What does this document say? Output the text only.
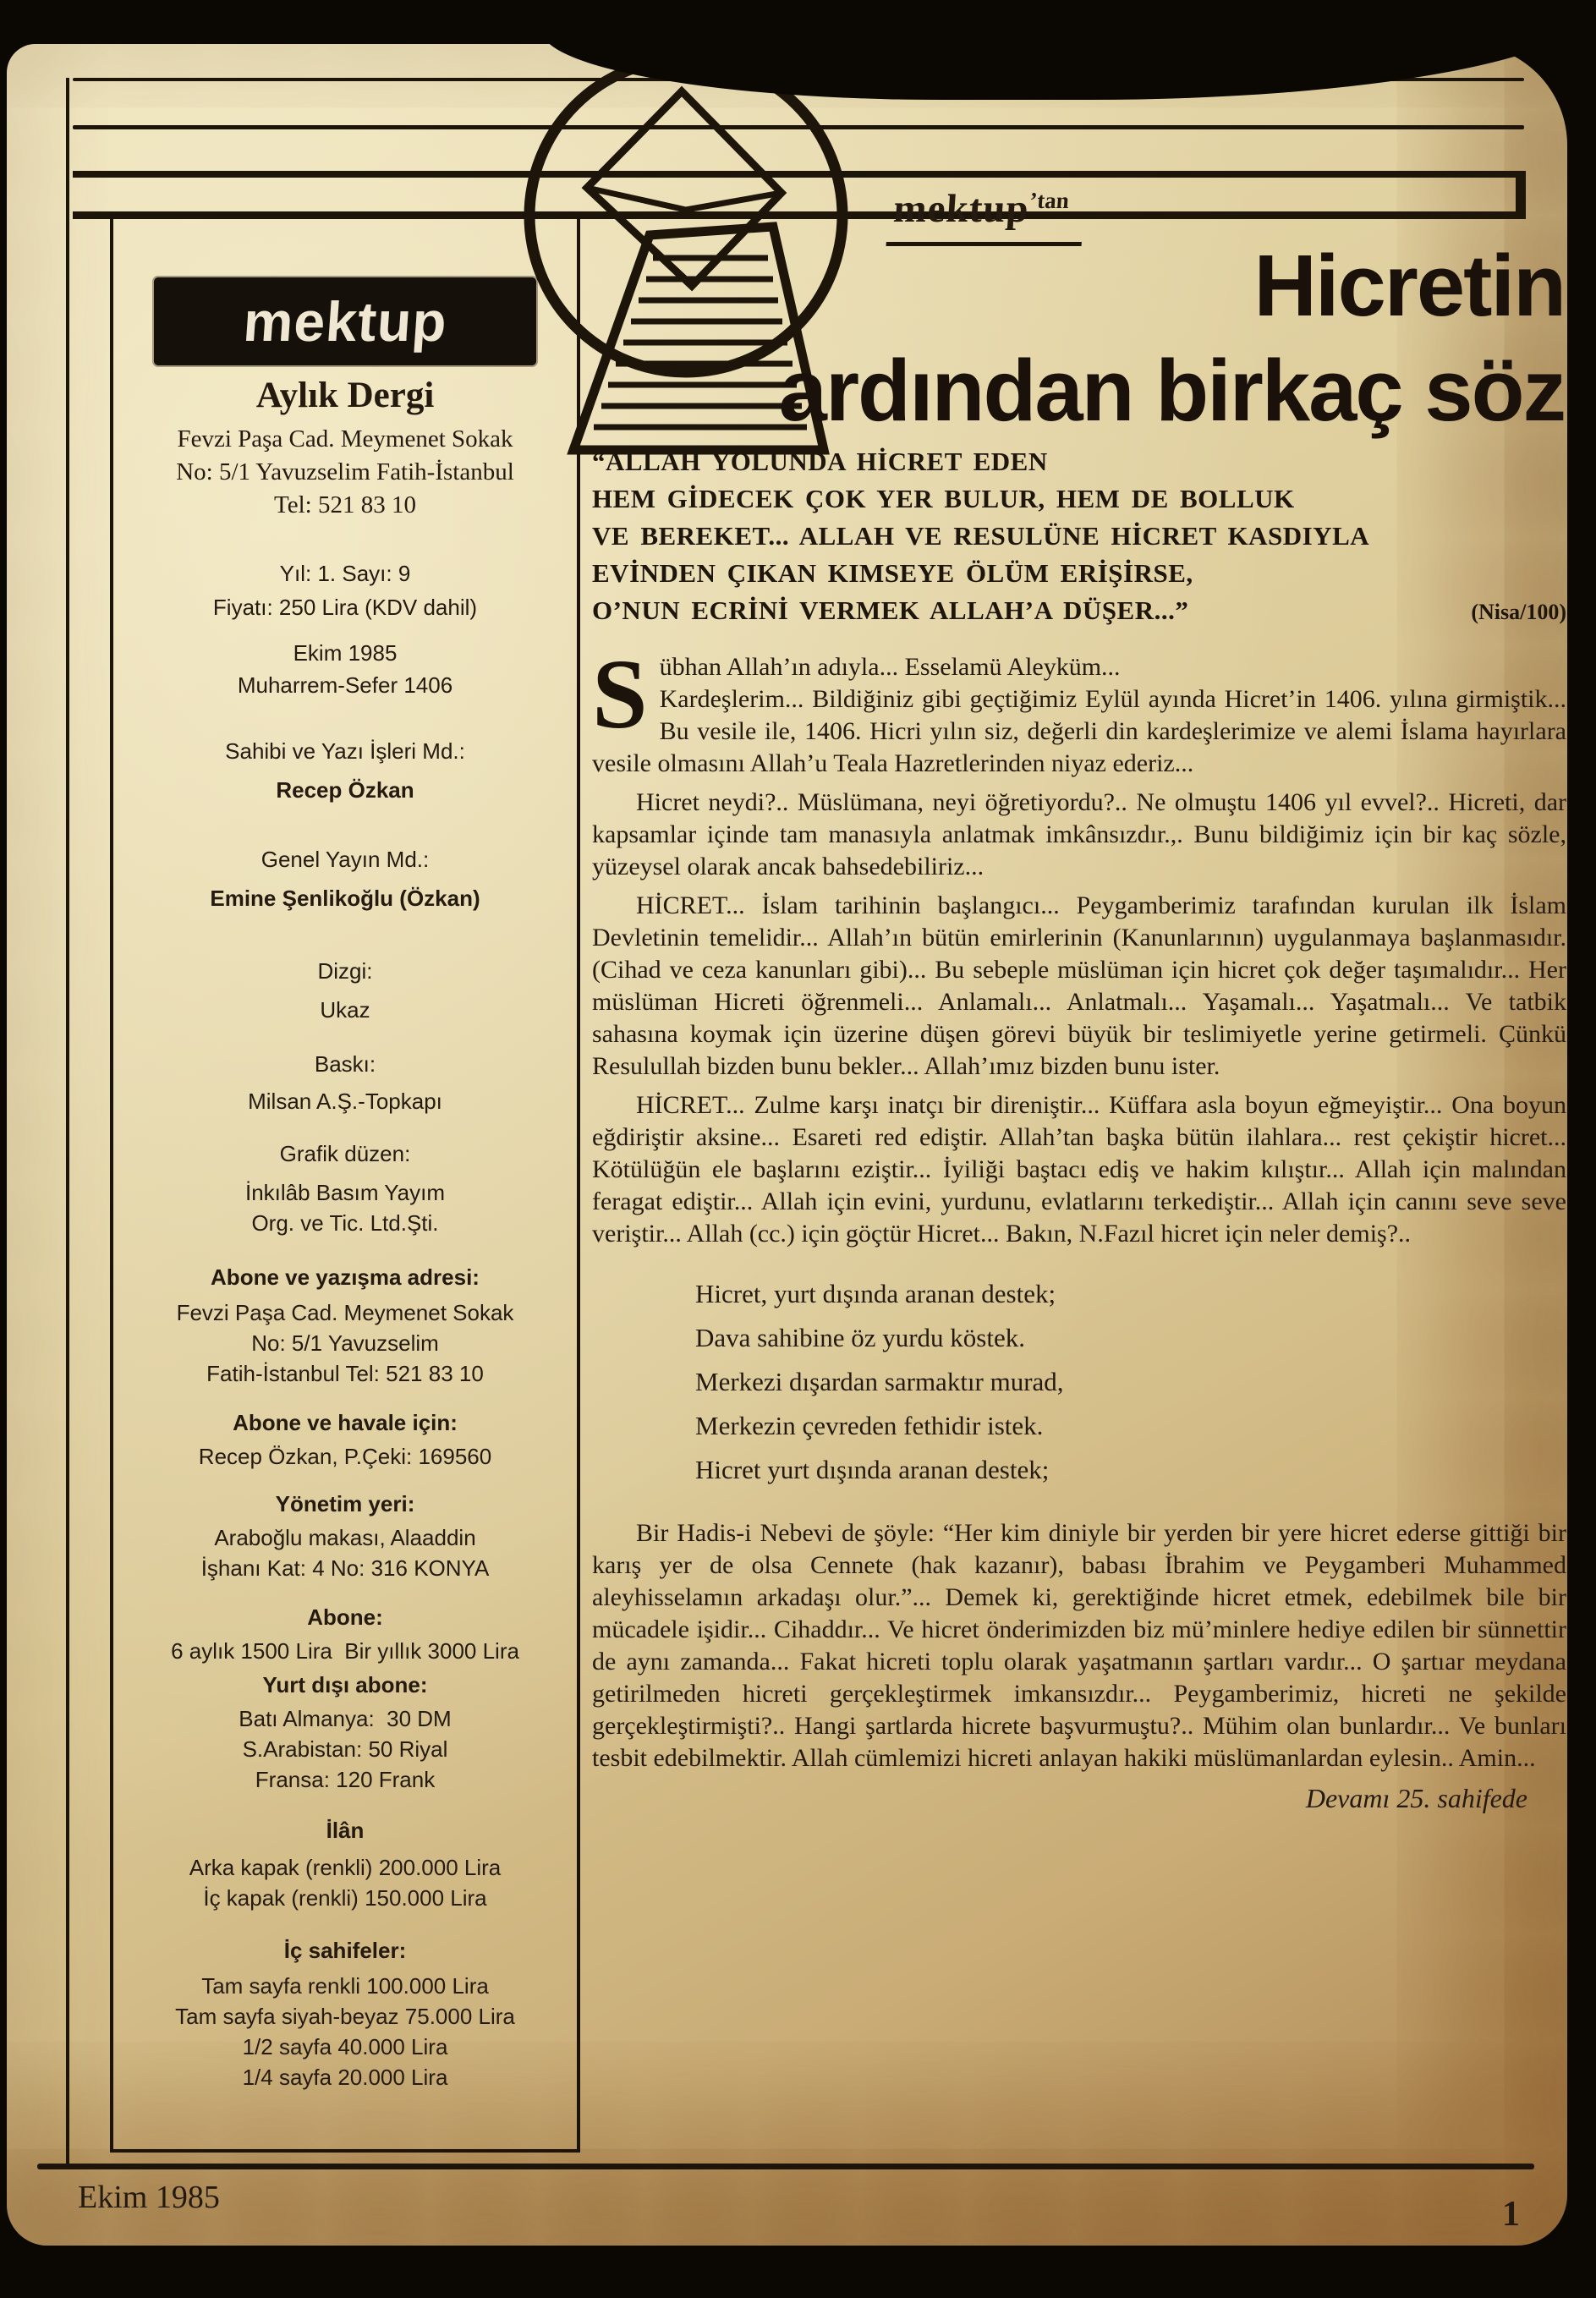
mektup
Aylık Dergi
Fevzi Paşa Cad. Meymenet Sokak
No: 5/1 Yavuzselim Fatih-İstanbul
Tel: 521 83 10
Yıl: 1. Sayı: 9
Fiyatı: 250 Lira (KDV dahil)
Ekim 1985
Muharrem-Sefer 1406
Sahibi ve Yazı İşleri Md.:
Recep Özkan
Genel Yayın Md.:
Emine Şenlikoğlu (Özkan)
Dizgi:
Ukaz
Baskı:
Milsan A.Ş.-Topkapı
Grafik düzen:
İnkılâb Basım Yayım
Org. ve Tic. Ltd.Şti.
Abone ve yazışma adresi:
Fevzi Paşa Cad. Meymenet Sokak
No: 5/1 Yavuzselim
Fatih-İstanbul Tel: 521 83 10
Abone ve havale için:
Recep Özkan, P.Çeki: 169560
Yönetim yeri:
Araboğlu makası, Alaaddin
İşhanı Kat: 4 No: 316 KONYA
Abone:
6 aylık 1500 Lira  Bir yıllık 3000 Lira
Yurt dışı abone:
Batı Almanya:  30 DM
S.Arabistan: 50 Riyal
Fransa: 120 Frank
İlân
Arka kapak (renkli) 200.000 Lira
İç kapak (renkli) 150.000 Lira
İç sahifeler:
Tam sayfa renkli 100.000 Lira
Tam sayfa siyah-beyaz 75.000 Lira
1/2 sayfa 40.000 Lira
1/4 sayfa 20.000 Lira
mektup$^{’tan}$
Hicretin
ardından birkaç söz
“ALLAH YOLUNDA HİCRET EDEN
HEM GİDECEK ÇOK YER BULUR, HEM DE BOLLUK
VE BEREKET... ALLAH VE RESULÜNE HİCRET KASDIYLA
EVİNDEN ÇIKAN KIMSEYE ÖLÜM ERİŞİRSE,
O’NUN ECRİNİ VERMEK ALLAH’A DÜŞER...”	(Nisa/100)

Sübhan Allah’ın adıyla... Esselamü Aleyküm...
Kardeşlerim... Bildiğiniz gibi geçtiğimiz Eylül ayında Hicret’in 1406. yılına girmiştik... Bu vesile ile, 1406. Hicri yılın siz, değerli din kardeşlerimize ve alemi İslama hayırlara vesile olmasını Allah’u Teala Hazretlerinden niyaz ederiz...

Hicret neydi?.. Müslümana, neyi öğretiyordu?.. Ne olmuştu 1406 yıl evvel?.. Hicreti, dar kapsamlar içinde tam manasıyla anlatmak imkânsızdır.,. Bunu bildiğimiz için bir kaç sözle, yüzeysel olarak ancak bahsedebiliriz...

HİCRET... İslam tarihinin başlangıcı... Peygamberimiz tarafından kurulan ilk İslam Devletinin temelidir... Allah’ın bütün emirlerinin (Kanunlarının) uygulanmaya başlanmasıdır. (Cihad ve ceza kanunları gibi)... Bu sebeple müslüman için hicret çok değer taşımalıdır... Her müslüman Hicreti öğrenmeli... Anlamalı... Anlatmalı... Yaşamalı... Yaşatmalı... Ve tatbik sahasına koymak için üzerine düşen görevi büyük bir teslimiyetle yerine getirmeli. Çünkü Resulullah bizden bunu bekler... Allah’ımız bizden bunu ister.

HİCRET... Zulme karşı inatçı bir direniştir... Küffara asla boyun eğmeyiştir... Ona boyun eğdiriştir aksine... Esareti red ediştir. Allah’tan başka bütün ilahlara... rest çekiştir hicret... Kötülüğün ele başlarını eziştir... İyiliği baştacı ediş ve hakim kılıştır... Allah için malından feragat ediştir... Allah için evini, yurdunu, evlatlarını terkediştir... Allah için canını seve seve veriştir... Allah (cc.) için göçtür Hicret... Bakın, N.Fazıl hicret için neler demiş?..

Hicret, yurt dışında aranan destek;
Dava sahibine öz yurdu köstek.
Merkezi dışardan sarmaktır murad,
Merkezin çevreden fethidir istek.
Hicret yurt dışında aranan destek;

Bir Hadis-i Nebevi de şöyle: “Her kim diniyle bir yerden bir yere hicret ederse gittiği bir karış yer de olsa Cennete (hak kazanır), babası İbrahim ve Peygamberi Muhammed aleyhisselamın arkadaşı olur.”... Demek ki, gerektiğinde hicret etmek, edebilmek bile bir mücadele işidir... Cihaddır... Ve hicret önderimizden biz mü’minlere hediye edilen bir sünnettir de aynı zamanda... Fakat hicreti toplu olarak yaşatmanın şartları vardır... O şartıar meydana getirilmeden hicreti gerçekleştirmek imkansızdır... Peygamberimiz, hicreti ne şekilde gerçekleştirmişti?.. Hangi şartlarda hicrete başvurmuştu?.. Mühim olan bunlardır... Ve bunları tesbit edebilmektir. Allah cümlemizi hicreti anlayan hakiki müslümanlardan eylesin.. Amin...

Devamı 25. sahifede
Ekim 1985	1
